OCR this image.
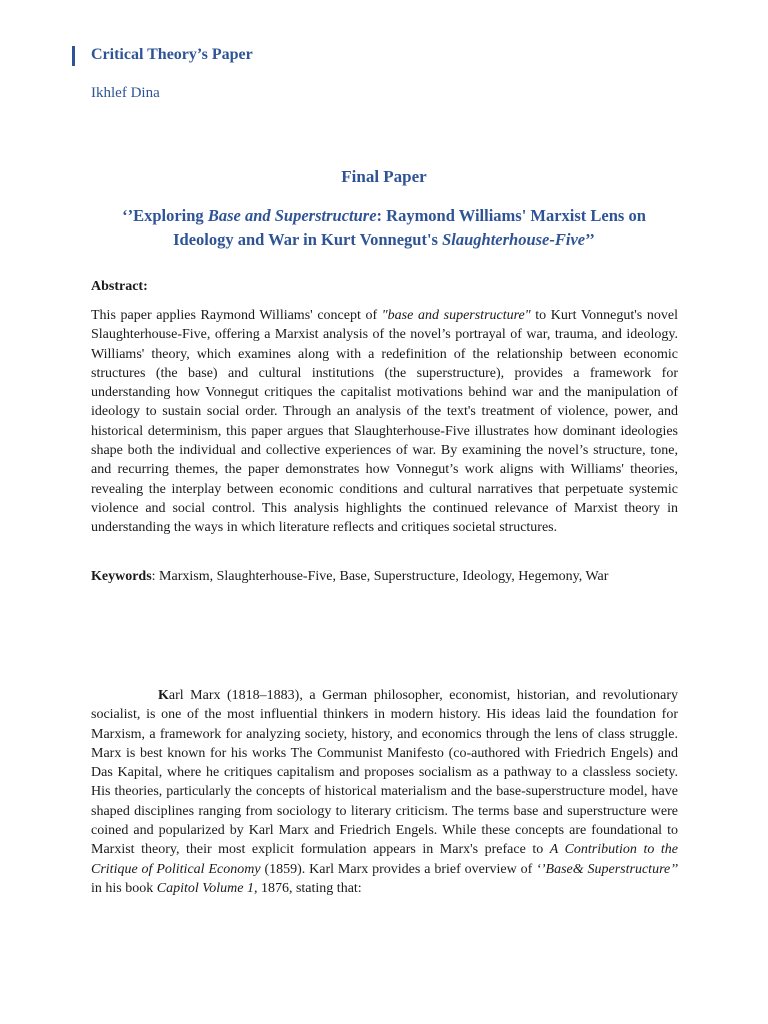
Critical Theory’s Paper
Ikhlef Dina
Final Paper
‘’Exploring Base and Superstructure: Raymond Williams' Marxist Lens on Ideology and War in Kurt Vonnegut's Slaughterhouse-Five’’
Abstract:

This paper applies Raymond Williams' concept of "base and superstructure" to Kurt Vonnegut's novel Slaughterhouse-Five, offering a Marxist analysis of the novel’s portrayal of war, trauma, and ideology. Williams' theory, which examines along with a redefinition of the relationship between economic structures (the base) and cultural institutions (the superstructure), provides a framework for understanding how Vonnegut critiques the capitalist motivations behind war and the manipulation of ideology to sustain social order. Through an analysis of the text's treatment of violence, power, and historical determinism, this paper argues that Slaughterhouse-Five illustrates how dominant ideologies shape both the individual and collective experiences of war. By examining the novel’s structure, tone, and recurring themes, the paper demonstrates how Vonnegut’s work aligns with Williams' theories, revealing the interplay between economic conditions and cultural narratives that perpetuate systemic violence and social control. This analysis highlights the continued relevance of Marxist theory in understanding the ways in which literature reflects and critiques societal structures.

Keywords: Marxism, Slaughterhouse-Five, Base, Superstructure, Ideology, Hegemony, War

Karl Marx (1818–1883), a German philosopher, economist, historian, and revolutionary socialist, is one of the most influential thinkers in modern history. His ideas laid the foundation for Marxism, a framework for analyzing society, history, and economics through the lens of class struggle. Marx is best known for his works The Communist Manifesto (co-authored with Friedrich Engels) and Das Kapital, where he critiques capitalism and proposes socialism as a pathway to a classless society. His theories, particularly the concepts of historical materialism and the base-superstructure model, have shaped disciplines ranging from sociology to literary criticism. The terms base and superstructure were coined and popularized by Karl Marx and Friedrich Engels. While these concepts are foundational to Marxist theory, their most explicit formulation appears in Marx's preface to A Contribution to the Critique of Political Economy (1859). Karl Marx provides a brief overview of ‘’Base& Superstructure’’ in his book Capitol Volume 1, 1876, stating that:
